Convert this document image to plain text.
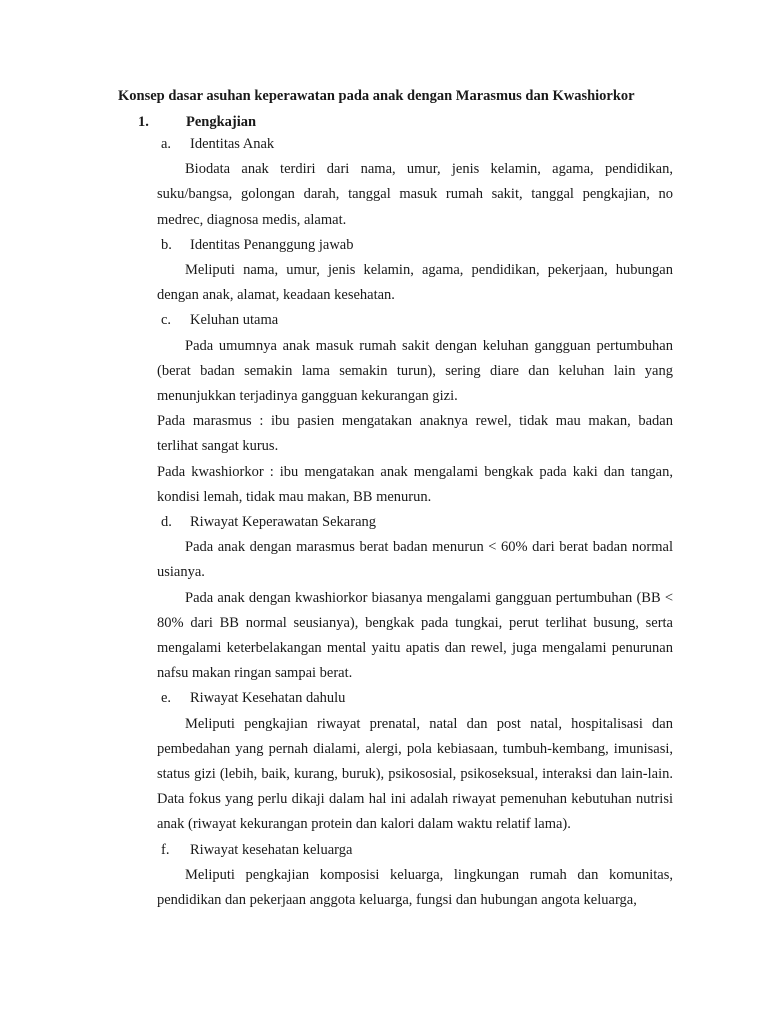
Konsep dasar asuhan keperawatan pada anak dengan Marasmus dan Kwashiorkor
1.	Pengkajian
a.	Identitas Anak

Biodata anak terdiri dari nama, umur, jenis kelamin, agama, pendidikan, suku/bangsa, golongan darah, tanggal masuk rumah sakit, tanggal pengkajian, no medrec, diagnosa medis, alamat.

b.	Identitas Penanggung jawab

Meliputi nama, umur, jenis kelamin, agama, pendidikan, pekerjaan, hubungan dengan anak, alamat, keadaan kesehatan.

c.	Keluhan utama

Pada umumnya anak masuk rumah sakit dengan keluhan gangguan pertumbuhan (berat badan semakin lama semakin turun), sering diare dan keluhan lain yang menunjukkan terjadinya gangguan kekurangan gizi.

Pada marasmus : ibu pasien mengatakan anaknya rewel, tidak mau makan, badan terlihat sangat kurus.

Pada kwashiorkor : ibu mengatakan anak mengalami bengkak pada kaki dan tangan, kondisi lemah, tidak mau makan, BB menurun.

d.	Riwayat Keperawatan Sekarang

Pada anak dengan marasmus berat badan menurun < 60% dari berat badan normal usianya.

Pada anak dengan kwashiorkor biasanya mengalami gangguan pertumbuhan (BB < 80% dari BB normal seusianya), bengkak pada tungkai, perut terlihat busung, serta mengalami keterbelakangan mental yaitu apatis dan rewel, juga mengalami penurunan nafsu makan ringan sampai berat.

e.	Riwayat Kesehatan dahulu

Meliputi pengkajian riwayat prenatal, natal dan post natal, hospitalisasi dan pembedahan yang pernah dialami, alergi, pola kebiasaan, tumbuh-kembang, imunisasi, status gizi (lebih, baik, kurang, buruk), psikososial, psikoseksual, interaksi dan lain-lain. Data fokus yang perlu dikaji dalam hal ini adalah riwayat pemenuhan kebutuhan nutrisi anak (riwayat kekurangan protein dan kalori dalam waktu relatif lama).

f.	Riwayat kesehatan keluarga

Meliputi pengkajian komposisi keluarga, lingkungan rumah dan komunitas, pendidikan dan pekerjaan anggota keluarga, fungsi dan hubungan angota keluarga,
